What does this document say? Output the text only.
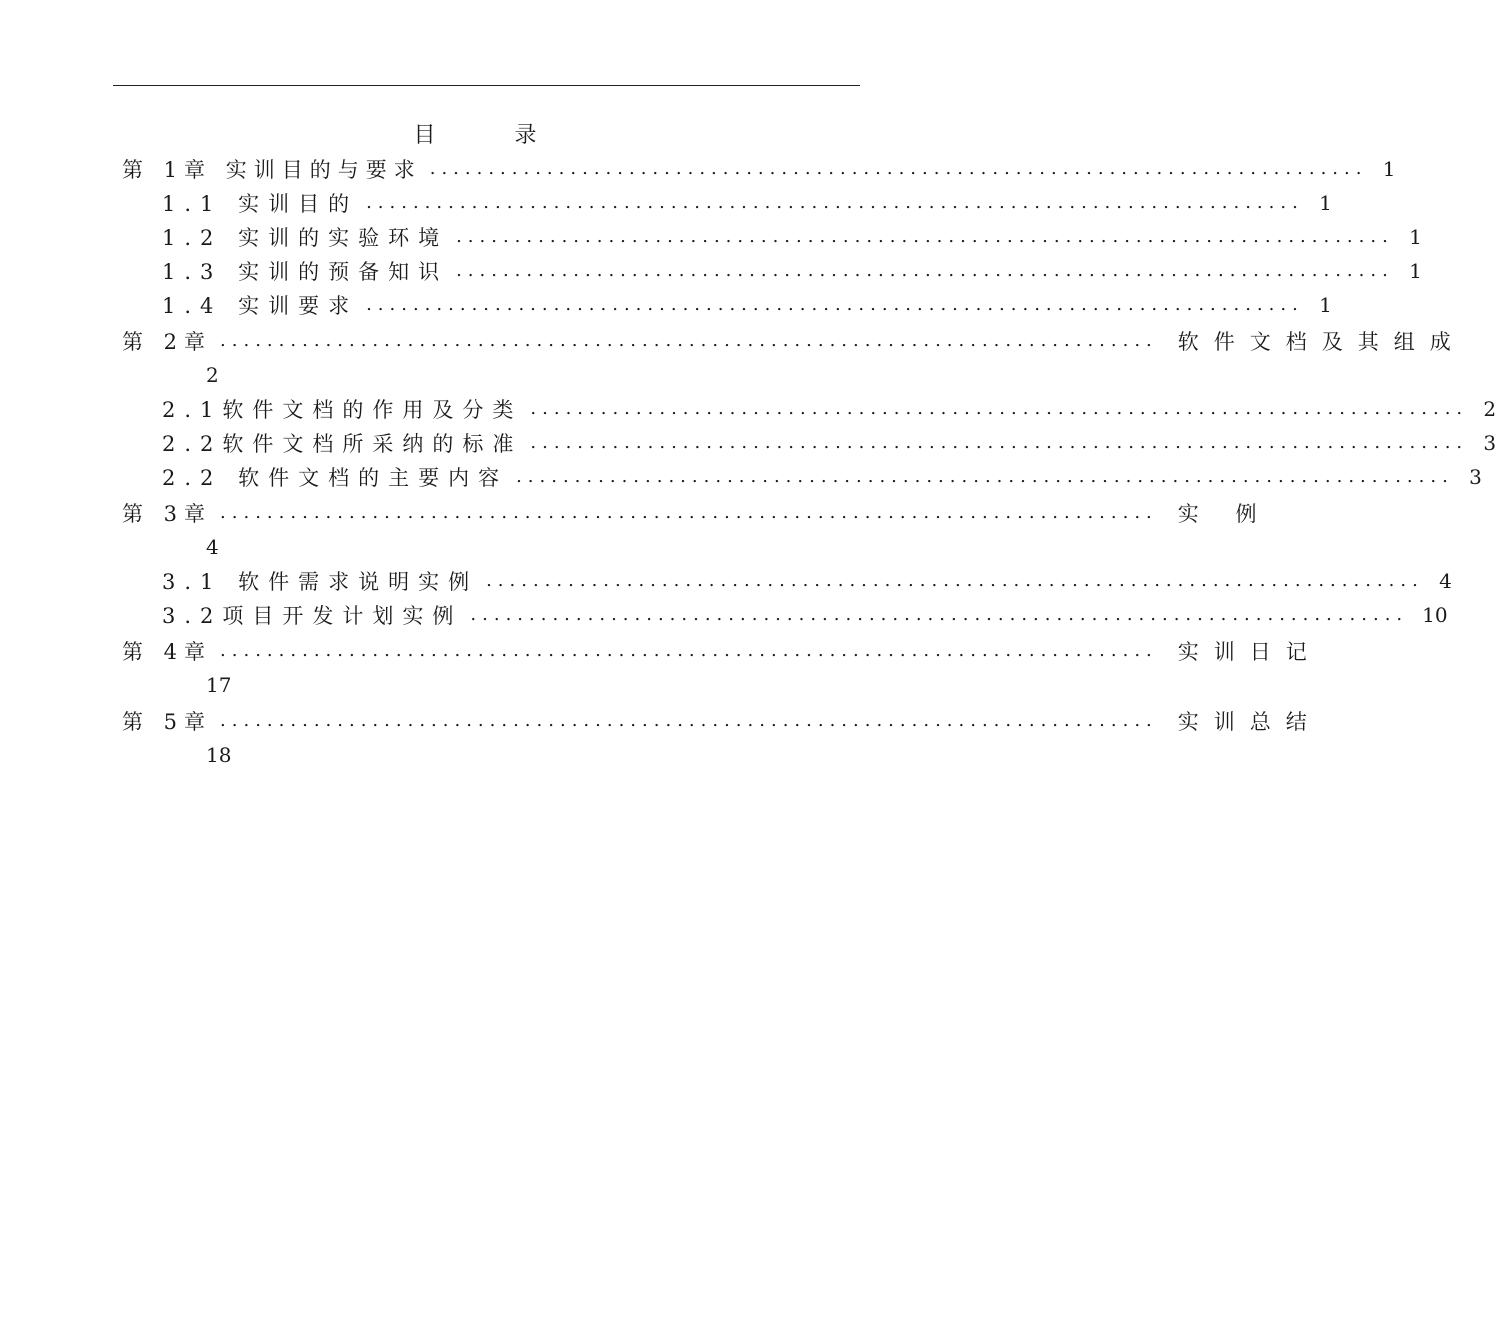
目 录
第 1章 实训目的与要求 ................................................................................ 1
1.1 实训目的 ................................................................................ 1
1.2 实训的实验环境 ................................................................................ 1
1.3 实训的预备知识 ................................................................................ 1
1.4 实训要求 ................................................................................ 1
第 2章 ................................................................................ 软件文档及其组成
2
2.1软件文档的作用及分类 ................................................................................ 2
2.2软件文档所采纳的标准 ................................................................................ 3
2.2 软件文档的主要内容 ................................................................................ 3
第 3章 ................................................................................ 实 例
4
3.1 软件需求说明实例 ................................................................................ 4
3.2项目开发计划实例 ................................................................................ 10
第 4章 ................................................................................ 实训日记
17
第 5章 ................................................................................ 实训总结
18
